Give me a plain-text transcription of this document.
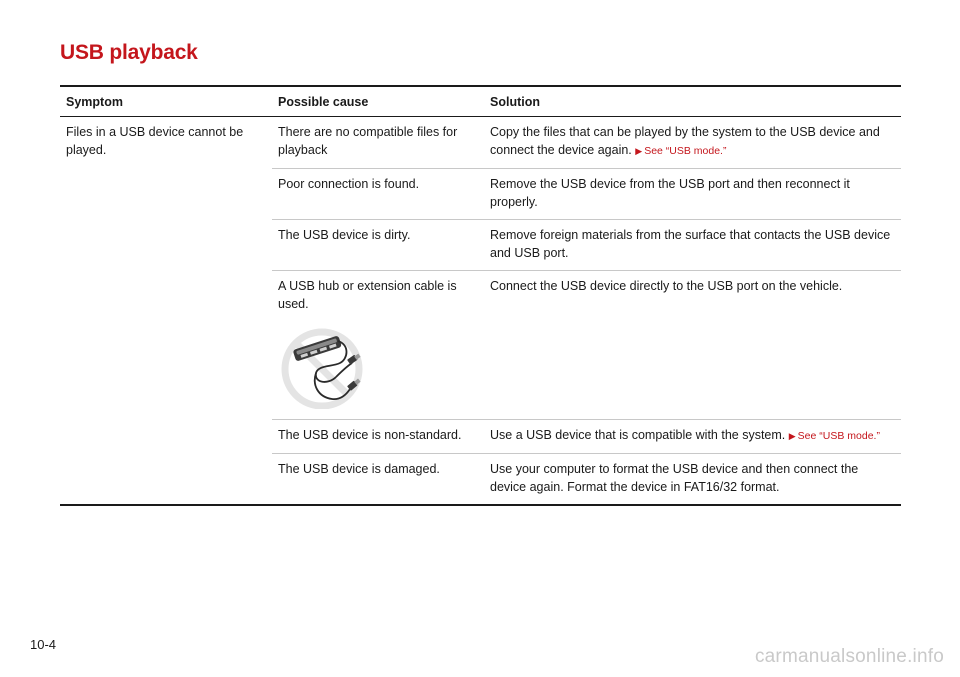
USB playback
Symptom	Possible cause	Solution
Files in a USB device cannot be played.	There are no compatible files for playback	Copy the files that can be played by the system to the USB device and connect the device again. ▶ See “USB mode.”
	Poor connection is found.	Remove the USB device from the USB port and then reconnect it properly.
	The USB device is dirty.	Remove foreign materials from the surface that contacts the USB device and USB port.
	A USB hub or extension cable is used.	Connect the USB device directly to the USB port on the vehicle.
	The USB device is non-standard.	Use a USB device that is compatible with the system. ▶ See “USB mode.”
	The USB device is damaged.	Use your computer to format the USB device and then connect the device again. Format the device in FAT16/32 format.
10-4
carmanualsonline.info
